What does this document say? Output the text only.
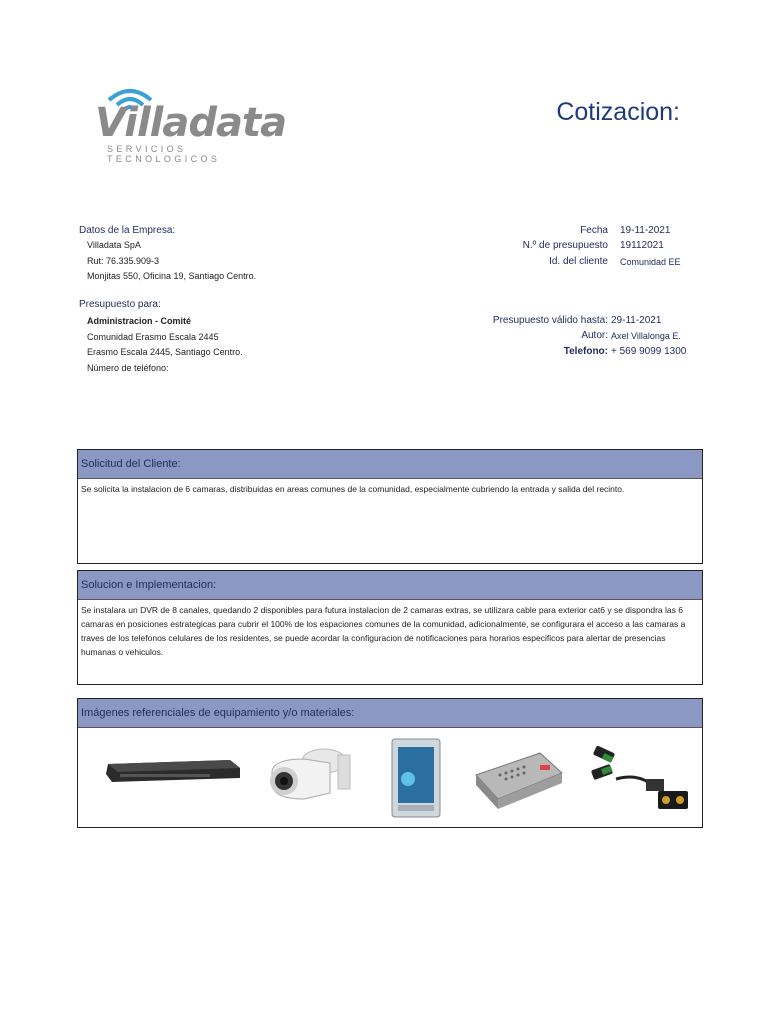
Villadata
SERVICIOS TECNOLOGICOS
Cotizacion:
Datos de la Empresa:
Villadata SpA
Rut: 76.335.909-3
Monjitas 550, Oficina 19, Santiago Centro.
Fecha 19-11-2021
N.º de presupuesto 19112021
Id. del cliente Comunidad EE
Presupuesto para:
Administracion - Comité
Comunidad Erasmo Escala 2445
Erasmo Escala 2445, Santiago Centro.
Número de teléfono:
Presupuesto válido hasta: 29-11-2021
Autor: Axel Villalonga E.
Telefono: + 569 9099 1300
Solicitud del Cliente:
Se solicita la instalacion de 6 camaras, distribuidas en areas comunes de la comunidad, especialmente cubriendo la entrada y salida del recinto.
Solucion e Implementacion:
Se instalara un DVR de 8 canales, quedando 2 disponibles para futura instalacion de 2 camaras extras, se utilizara cable para exterior cat6 y se dispondra las 6 camaras en posiciones estrategicas para cubrir el 100% de los espaciones comunes de la comunidad, adicionalmente, se configurara el acceso a las camaras a traves de los telefonos celulares de los residentes, se puede acordar la configuracion de notificaciones para horarios especificos para alertar de presencias humanas o vehiculos.
Imágenes referenciales de equipamiento y/o materiales:
